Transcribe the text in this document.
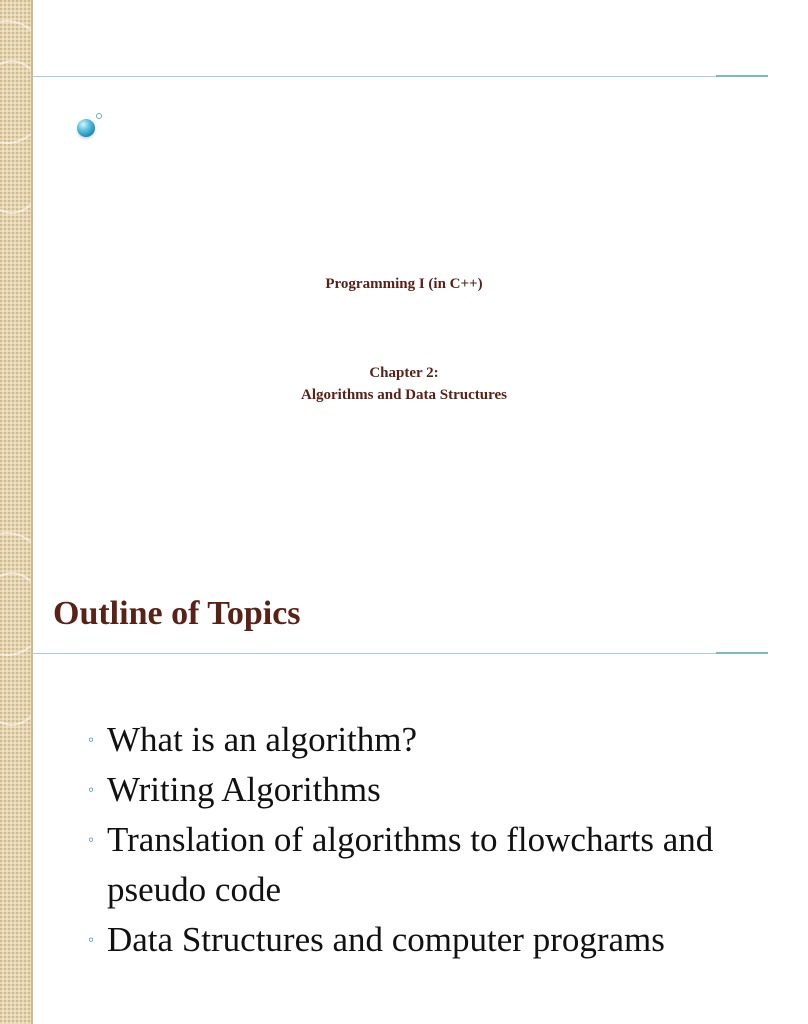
Programming I (in C++)
Chapter 2:
Algorithms and Data Structures
Outline of Topics
◦ What is an algorithm?
◦ Writing Algorithms
◦ Translation of algorithms to flowcharts and pseudo code
◦ Data Structures and computer programs
